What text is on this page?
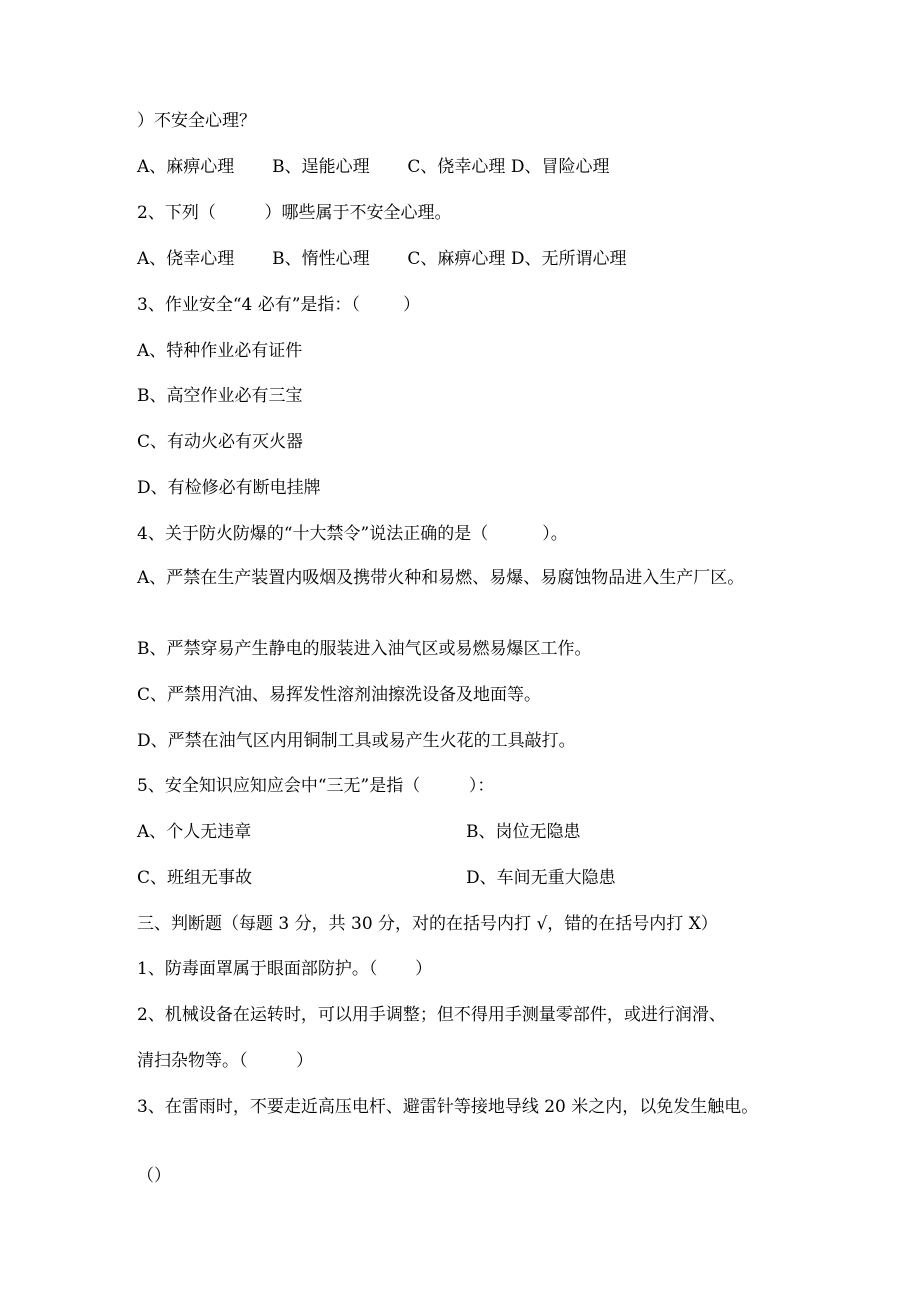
）不安全心理？
A、麻痹心理       B、逞能心理       C、侥幸心理 D、冒险心理
2、下列（         ）哪些属于不安全心理。
A、侥幸心理       B、惰性心理       C、麻痹心理 D、无所谓心理
3、作业安全“4 必有”是指：（        ）
A、特种作业必有证件
B、高空作业必有三宝
C、有动火必有灭火器
D、有检修必有断电挂牌
4、关于防火防爆的“十大禁令”说法正确的是（          ）。
A、严禁在生产装置内吸烟及携带火种和易燃、易爆、易腐蚀物品进入生产厂区。
B、严禁穿易产生静电的服装进入油气区或易燃易爆区工作。
C、严禁用汽油、易挥发性溶剂油擦洗设备及地面等。
D、严禁在油气区内用铜制工具或易产生火花的工具敲打。
5、安全知识应知应会中“三无”是指（         ）：
A、个人无违章	B、岗位无隐患
C、班组无事故	D、车间无重大隐患
三、判断题（每题 3 分，共 30 分，对的在括号内打 √，错的在括号内打 X）
1、防毒面罩属于眼面部防护。（       ）
2、机械设备在运转时，可以用手调整；但不得用手测量零部件，或进行润滑、
清扫杂物等。（         ）
3、在雷雨时，不要走近高压电杆、避雷针等接地导线 20 米之内，以免发生触电。
（）
